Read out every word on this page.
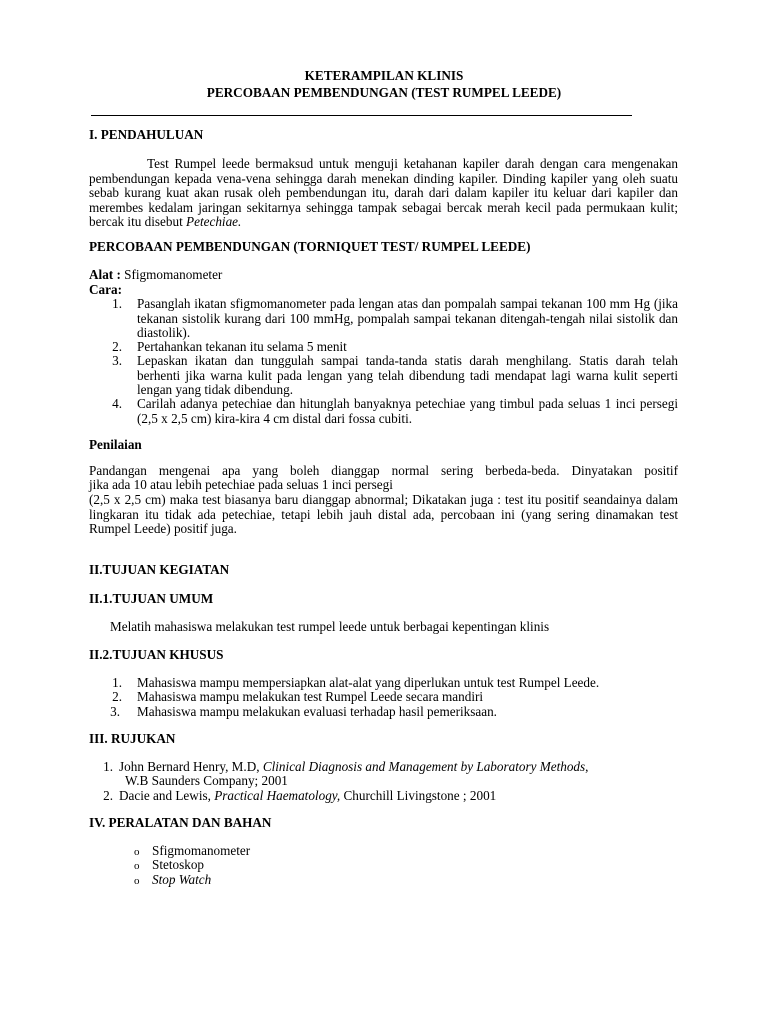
KETERAMPILAN KLINIS
PERCOBAAN PEMBENDUNGAN (TEST RUMPEL LEEDE)
I. PENDAHULUAN
Test Rumpel leede bermaksud untuk menguji ketahanan kapiler darah dengan cara mengenakan pembendungan kepada vena-vena sehingga darah menekan dinding kapiler. Dinding kapiler yang oleh suatu sebab kurang kuat akan rusak oleh pembendungan itu, darah dari dalam kapiler itu keluar dari kapiler dan merembes kedalam jaringan sekitarnya sehingga tampak sebagai bercak merah kecil pada permukaan kulit; bercak itu disebut Petechiae.
PERCOBAAN PEMBENDUNGAN (TORNIQUET TEST/ RUMPEL LEEDE)
Alat : Sfigmomanometer
Cara:
1. Pasanglah ikatan sfigmomanometer pada lengan atas dan pompalah sampai tekanan 100 mm Hg (jika tekanan sistolik kurang dari 100 mmHg, pompalah sampai tekanan ditengah-tengah nilai sistolik dan diastolik).
2. Pertahankan tekanan itu selama 5 menit
3. Lepaskan ikatan dan tunggulah sampai tanda-tanda statis darah menghilang. Statis darah telah berhenti jika warna kulit pada lengan yang telah dibendung tadi mendapat lagi warna kulit seperti lengan yang tidak dibendung.
4. Carilah adanya petechiae dan hitunglah banyaknya petechiae yang timbul pada seluas 1 inci persegi (2,5 x 2,5 cm) kira-kira 4 cm distal dari fossa cubiti.
Penilaian
Pandangan mengenai apa yang boleh dianggap normal sering berbeda-beda. Dinyatakan positif
jika ada 10 atau lebih petechiae pada seluas 1 inci persegi
(2,5 x 2,5 cm) maka test biasanya baru dianggap abnormal; Dikatakan juga : test itu positif seandainya dalam lingkaran itu tidak ada petechiae, tetapi lebih jauh distal ada, percobaan ini (yang sering dinamakan test Rumpel Leede) positif juga.
II.TUJUAN KEGIATAN
II.1.TUJUAN UMUM
Melatih mahasiswa melakukan test rumpel leede untuk berbagai kepentingan klinis
II.2.TUJUAN KHUSUS
1. Mahasiswa mampu mempersiapkan alat-alat yang diperlukan untuk test Rumpel Leede.
2. Mahasiswa mampu melakukan test Rumpel Leede secara mandiri
3. Mahasiswa mampu melakukan evaluasi terhadap hasil pemeriksaan.
III. RUJUKAN
1. John Bernard Henry, M.D, Clinical Diagnosis and Management by Laboratory Methods,
W.B Saunders Company; 2001
2. Dacie and Lewis, Practical Haematology, Churchill Livingstone ; 2001
IV. PERALATAN DAN BAHAN
o Sfigmomanometer
o Stetoskop
o Stop Watch
